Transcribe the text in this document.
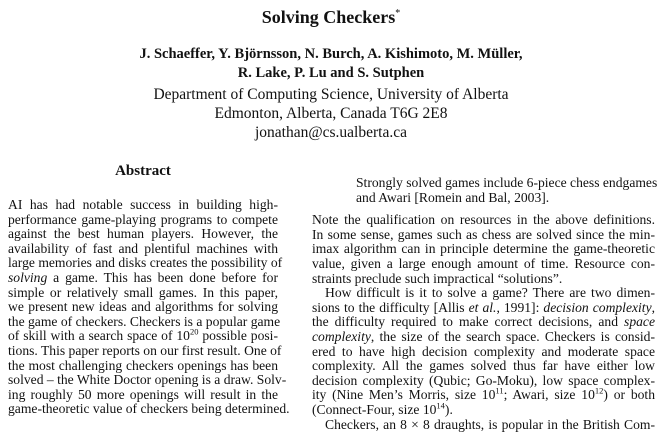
Solving Checkers*
J. Schaeffer, Y. Björnsson, N. Burch, A. Kishimoto, M. Müller,
R. Lake, P. Lu and S. Sutphen
Department of Computing Science, University of Alberta
Edmonton, Alberta, Canada T6G 2E8
jonathan@cs.ualberta.ca
Abstract
AI has had notable success in building high-
performance game-playing programs to compete
against the best human players. However, the
availability of fast and plentiful machines with
large memories and disks creates the possibility of
solving a game. This has been done before for
simple or relatively small games. In this paper,
we present new ideas and algorithms for solving
the game of checkers. Checkers is a popular game
of skill with a search space of $10^{20}$ possible posi-
tions. This paper reports on our first result. One of
the most challenging checkers openings has been
solved – the White Doctor opening is a draw. Solv-
ing roughly 50 more openings will result in the
game-theoretic value of checkers being determined.
Strongly solved games include 6-piece chess endgames
and Awari [Romein and Bal, 2003].
Note the qualification on resources in the above definitions.
In some sense, games such as chess are solved since the min-
imax algorithm can in principle determine the game-theoretic
value, given a large enough amount of time. Resource con-
straints preclude such impractical “solutions”.
How difficult is it to solve a game? There are two dimen-
sions to the difficulty [Allis et al., 1991]: decision complexity,
the difficulty required to make correct decisions, and space
complexity, the size of the search space. Checkers is consid-
ered to have high decision complexity and moderate space
complexity. All the games solved thus far have either low
decision complexity (Qubic; Go-Moku), low space complex-
ity (Nine Men’s Morris, size $10^{11}$; Awari, size $10^{12}$) or both
(Connect-Four, size $10^{14}$).
Checkers, an 8 × 8 draughts, is popular in the British Com-
